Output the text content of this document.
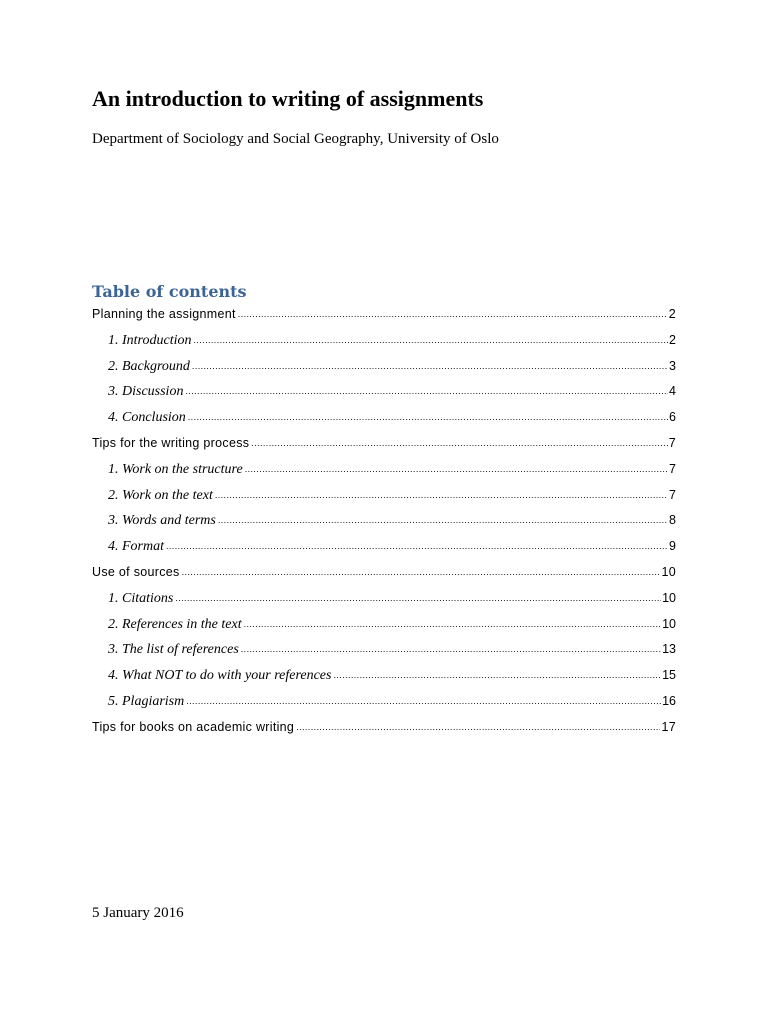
An introduction to writing of assignments

Department of Sociology and Social Geography, University of Oslo

Table of contents
Planning the assignment .....	2
1. Introduction .....	2
2. Background .....	3
3. Discussion .....	4
4. Conclusion .....	6
Tips for the writing process .....	7
1. Work on the structure .....	7
2. Work on the text .....	7
3. Words and terms .....	8
4. Format .....	9
Use of sources .....	10
1. Citations .....	10
2. References in the text .....	10
3. The list of references .....	13
4. What NOT to do with your references .....	15
5. Plagiarism .....	16
Tips for books on academic writing .....	17

5 January 2016
